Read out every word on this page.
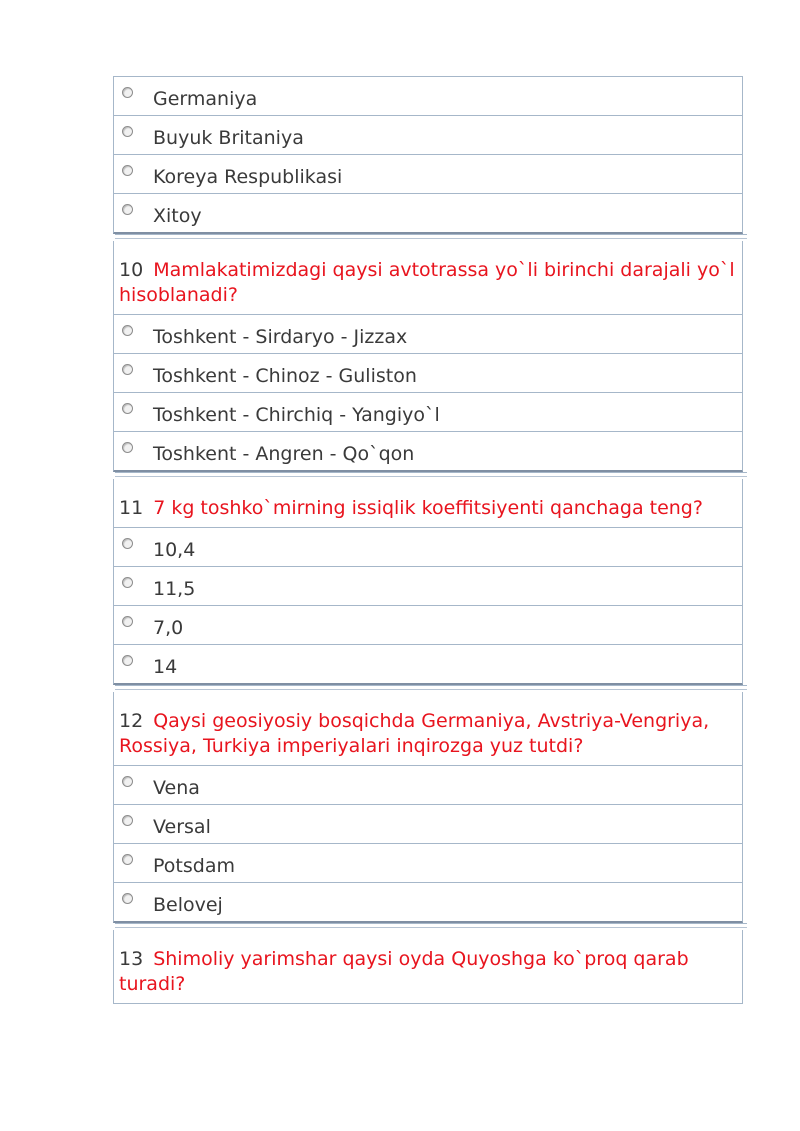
Germaniya
Buyuk Britaniya
Koreya Respublikasi
Xitoy
10 Mamlakatimizdagi qaysi avtotrassa yo`li birinchi darajali yo`l hisoblanadi?
Toshkent - Sirdaryo - Jizzax
Toshkent - Chinoz - Guliston
Toshkent - Chirchiq - Yangiyo`l
Toshkent - Angren - Qo`qon
11 7 kg toshko`mirning issiqlik koeffitsiyenti qanchaga teng?
10,4
11,5
7,0
14
12 Qaysi geosiyosiy bosqichda Germaniya, Avstriya-Vengriya, Rossiya, Turkiya imperiyalari inqirozga yuz tutdi?
Vena
Versal
Potsdam
Belovej
13 Shimoliy yarimshar qaysi oyda Quyoshga ko`proq qarab turadi?
